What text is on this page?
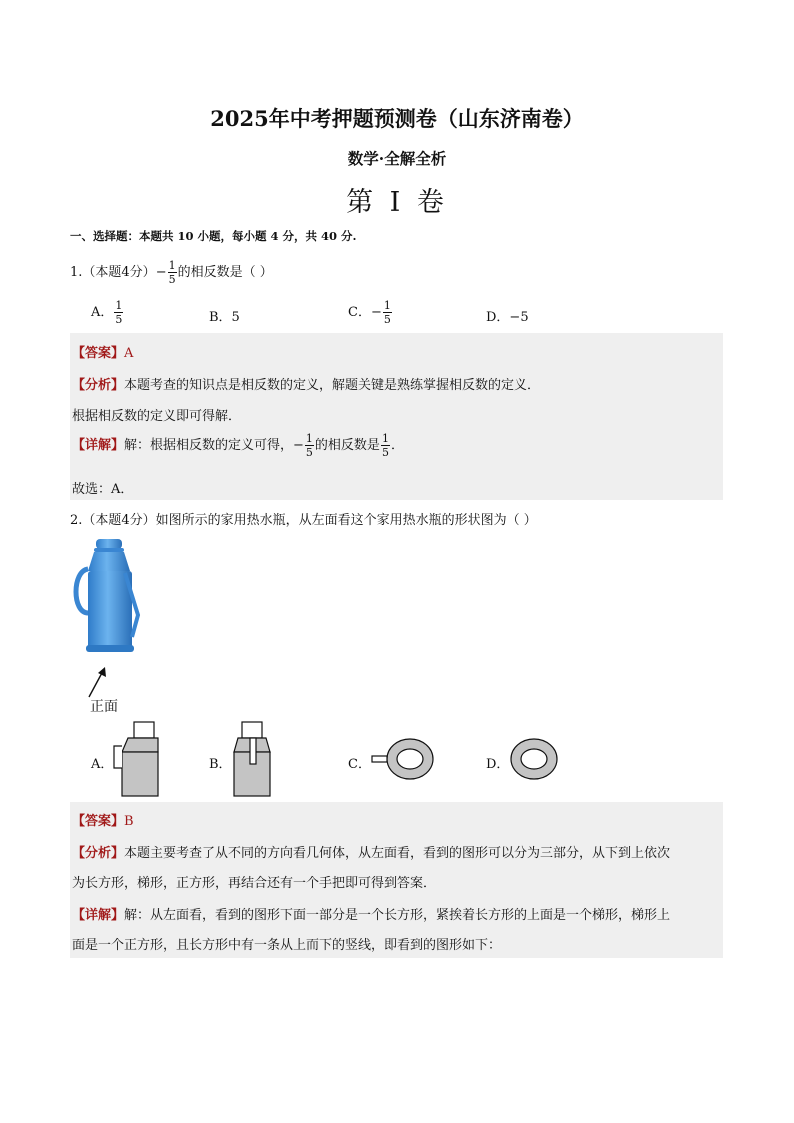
2025年中考押题预测卷（山东济南卷）
数学·全解全析
第 I 卷
一、选择题：本题共 10 小题，每小题 4 分，共 40 分.
1.（本题4分）− $\frac{1}{5}$ 的相反数是（ ）
A． $\frac{1}{5}$	B．5	C．− $\frac{1}{5}$	D．−5
【答案】A
【分析】本题考查的知识点是相反数的定义，解题关键是熟练掌握相反数的定义．
根据相反数的定义即可得解．
【详解】解：根据相反数的定义可得，− $\frac{1}{5}$ 的相反数是 $\frac{1}{5}$ ．
故选：A．
2.（本题4分）如图所示的家用热水瓶，从左面看这个家用热水瓶的形状图为（ ）
正面
A．	B．	C．	D．
【答案】B
【分析】本题主要考查了从不同的方向看几何体，从左面看，看到的图形可以分为三部分，从下到上依次
为长方形，梯形，正方形，再结合还有一个手把即可得到答案．
【详解】解：从左面看，看到的图形下面一部分是一个长方形，紧挨着长方形的上面是一个梯形，梯形上
面是一个正方形，且长方形中有一条从上而下的竖线，即看到的图形如下：
